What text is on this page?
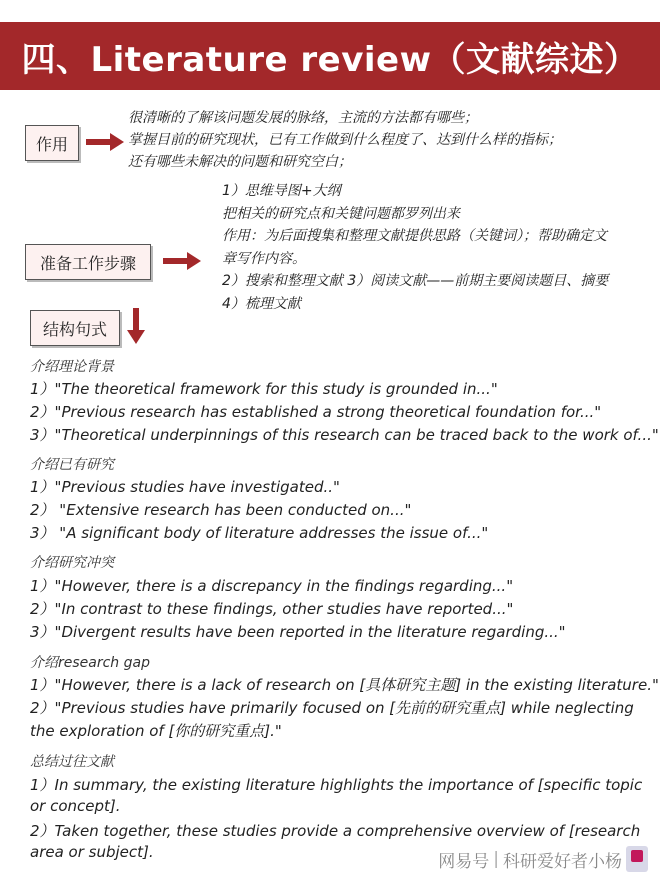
四、Literature review（文献综述）
作用
很清晰的了解该问题发展的脉络，主流的方法都有哪些；
掌握目前的研究现状，已有工作做到什么程度了、达到什么样的指标；
还有哪些未解决的问题和研究空白；
准备工作步骤
1）思维导图+大纲
把相关的研究点和关键问题都罗列出来
作用：为后面搜集和整理文献提供思路（关键词）；帮助确定文
章写作内容。
2）搜索和整理文献 3）阅读文献——前期主要阅读题目、摘要
4）梳理文献
结构句式
介绍理论背景
1）"The theoretical framework for this study is grounded in..."
2）"Previous research has established a strong theoretical foundation for..."
3）"Theoretical underpinnings of this research can be traced back to the work of..."
介绍已有研究
1）"Previous studies have investigated.."
2） "Extensive research has been conducted on..."
3） "A significant body of literature addresses the issue of..."
介绍研究冲突
1）"However, there is a discrepancy in the findings regarding..."
2）"In contrast to these findings, other studies have reported..."
3）"Divergent results have been reported in the literature regarding..."
介绍research gap
1）"However, there is a lack of research on [具体研究主题] in the existing literature."
2）"Previous studies have primarily focused on [先前的研究重点] while neglecting
the exploration of [你的研究重点]."
总结过往文献
1）In summary, the existing literature highlights the importance of [specific topic
or concept].
2）Taken together, these studies provide a comprehensive overview of [research
area or subject].	网易号 | 科研爱好者小杨
